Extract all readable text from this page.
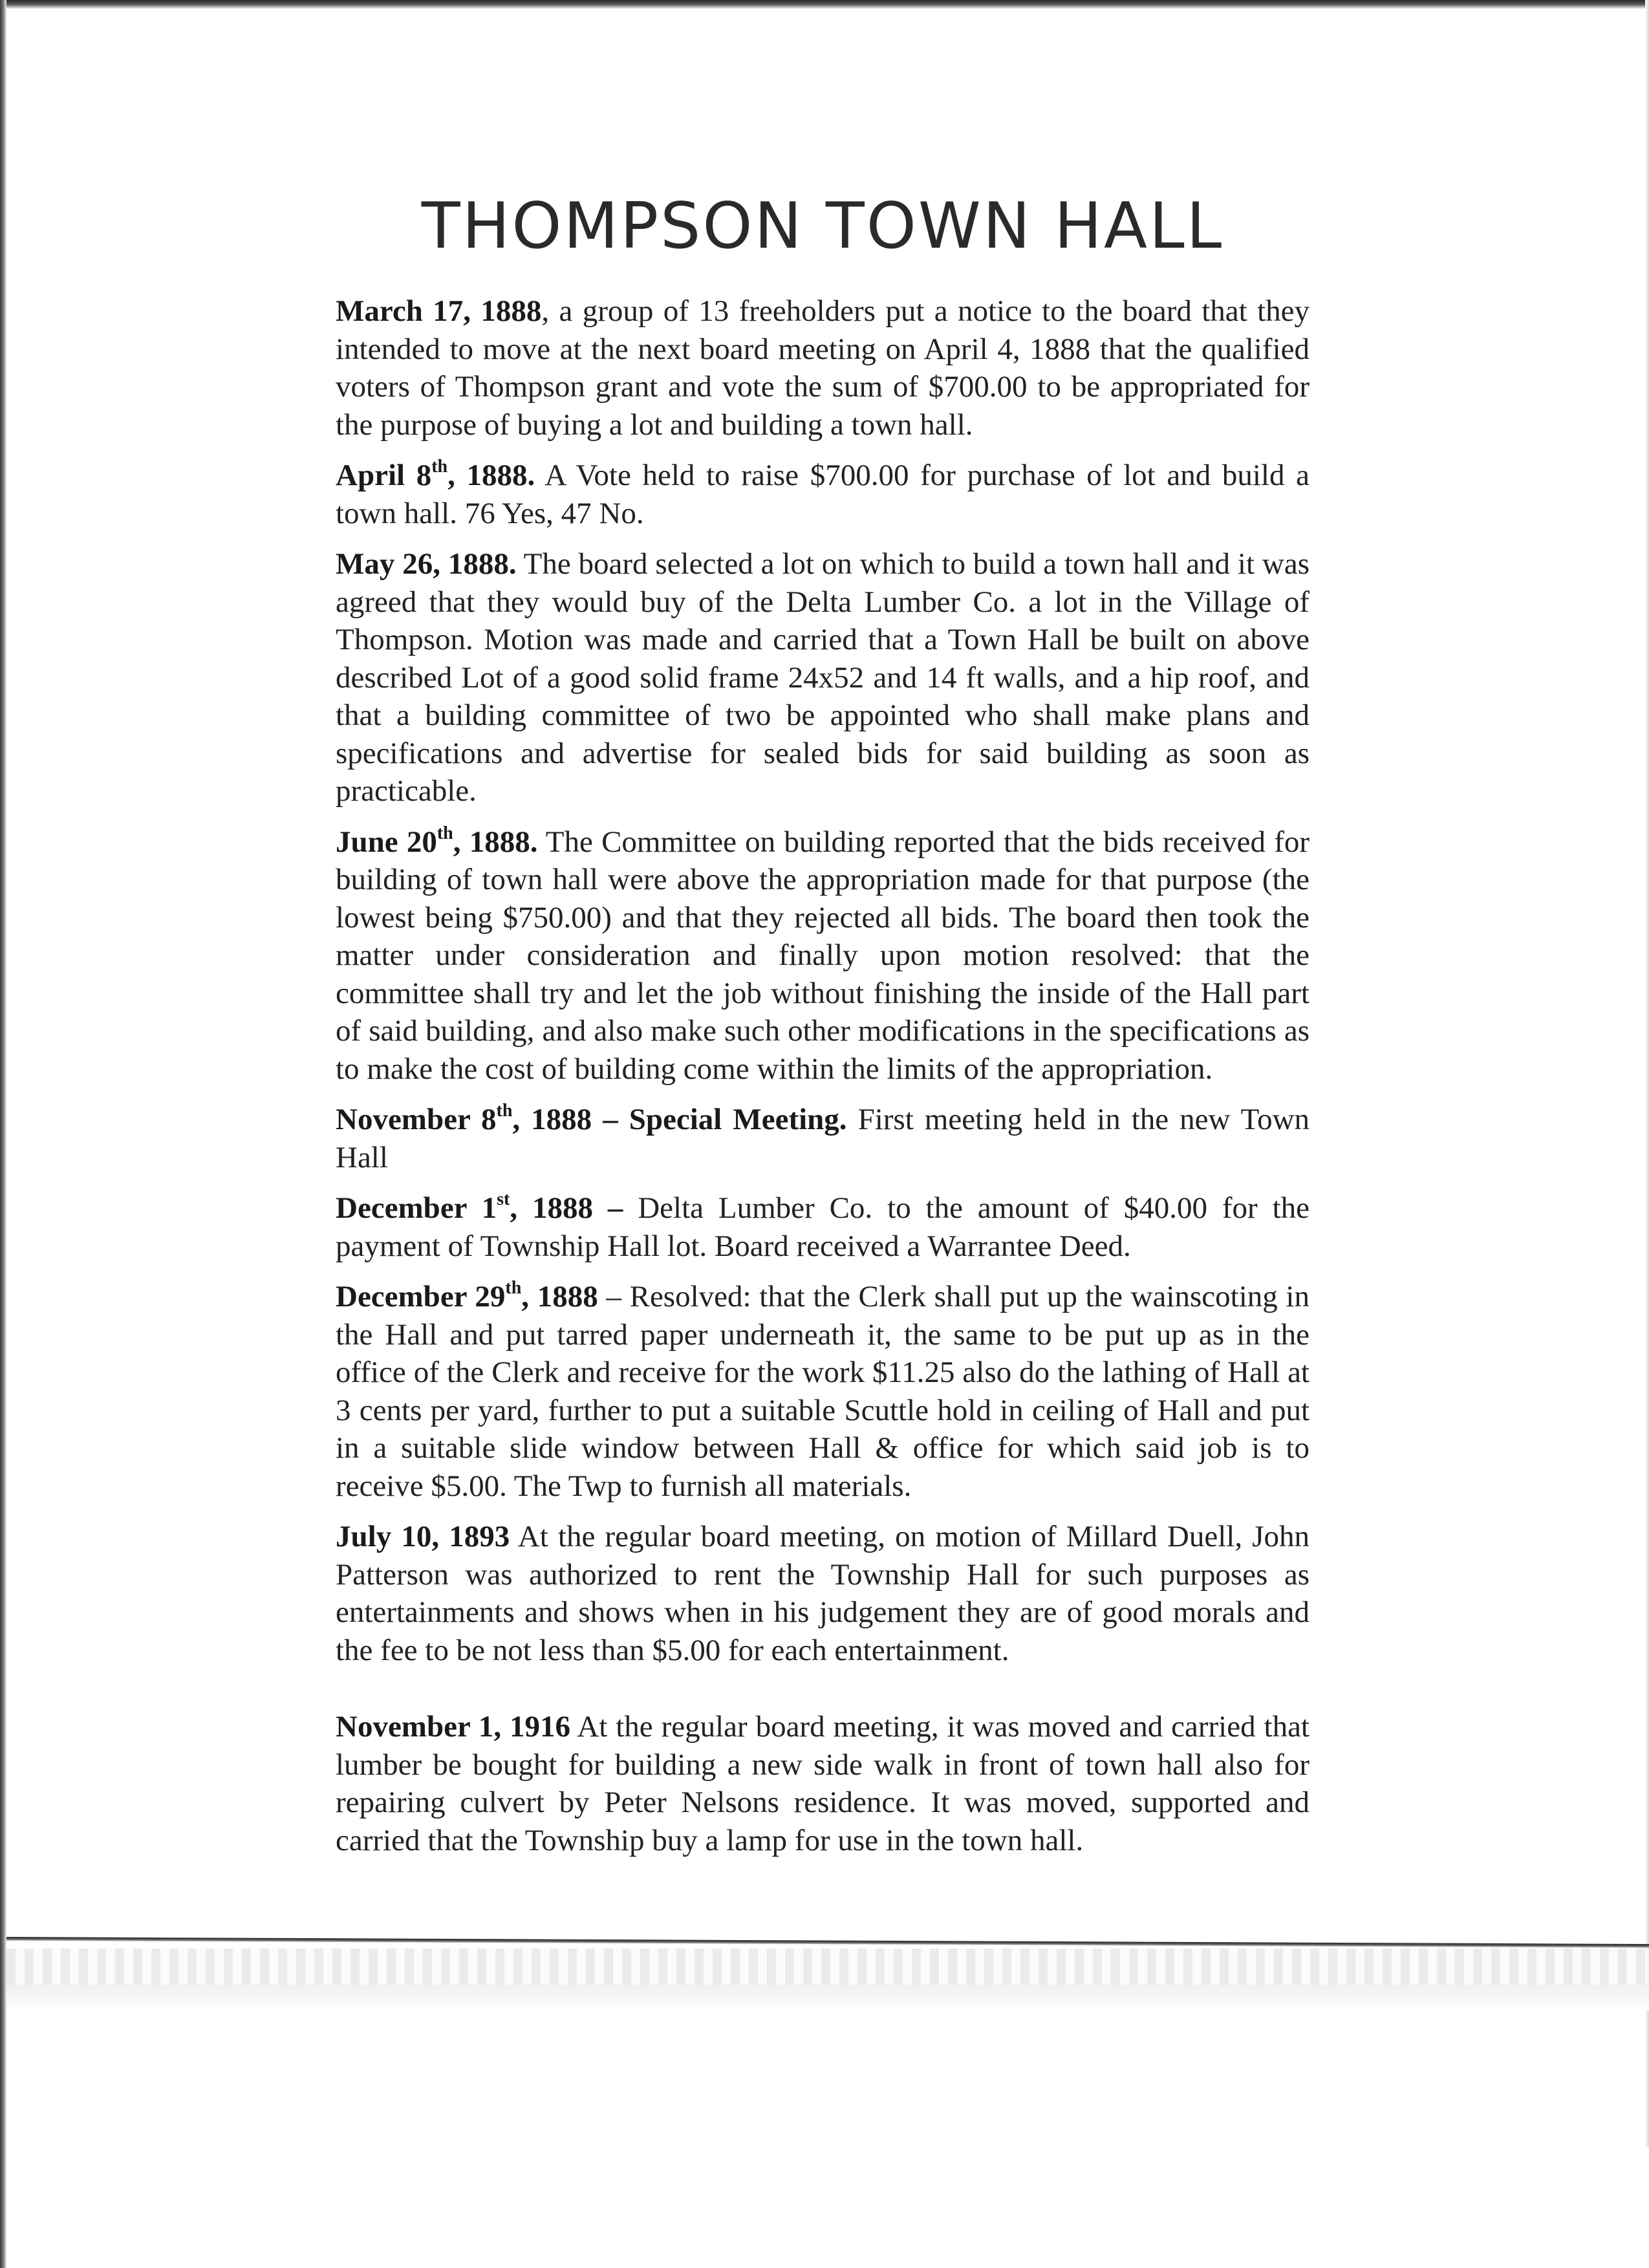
THOMPSON TOWN HALL

March 17, 1888, a group of 13 freeholders put a notice to the board that they intended to move at the next board meeting on April 4, 1888 that the qualified voters of Thompson grant and vote the sum of $700.00 to be appropriated for the purpose of buying a lot and building a town hall.

April 8th, 1888. A Vote held to raise $700.00 for purchase of lot and build a town hall. 76 Yes, 47 No.

May 26, 1888. The board selected a lot on which to build a town hall and it was agreed that they would buy of the Delta Lumber Co. a lot in the Village of Thompson. Motion was made and carried that a Town Hall be built on above described Lot of a good solid frame 24x52 and 14 ft walls, and a hip roof, and that a building committee of two be appointed who shall make plans and specifications and advertise for sealed bids for said building as soon as practicable.

June 20th, 1888. The Committee on building reported that the bids received for building of town hall were above the appropriation made for that purpose (the lowest being $750.00) and that they rejected all bids. The board then took the matter under consideration and finally upon motion resolved: that the committee shall try and let the job without finishing the inside of the Hall part of said building, and also make such other modifications in the specifications as to make the cost of building come within the limits of the appropriation.

November 8th, 1888 – Special Meeting. First meeting held in the new Town Hall

December 1st, 1888 – Delta Lumber Co. to the amount of $40.00 for the payment of Township Hall lot. Board received a Warrantee Deed.

December 29th, 1888 – Resolved: that the Clerk shall put up the wainscoting in the Hall and put tarred paper underneath it, the same to be put up as in the office of the Clerk and receive for the work $11.25 also do the lathing of Hall at 3 cents per yard, further to put a suitable Scuttle hold in ceiling of Hall and put in a suitable slide window between Hall & office for which said job is to receive $5.00. The Twp to furnish all materials.

July 10, 1893 At the regular board meeting, on motion of Millard Duell, John Patterson was authorized to rent the Township Hall for such purposes as entertainments and shows when in his judgement they are of good morals and the fee to be not less than $5.00 for each entertainment.

November 1, 1916 At the regular board meeting, it was moved and carried that lumber be bought for building a new side walk in front of town hall also for repairing culvert by Peter Nelsons residence. It was moved, supported and carried that the Township buy a lamp for use in the town hall.
